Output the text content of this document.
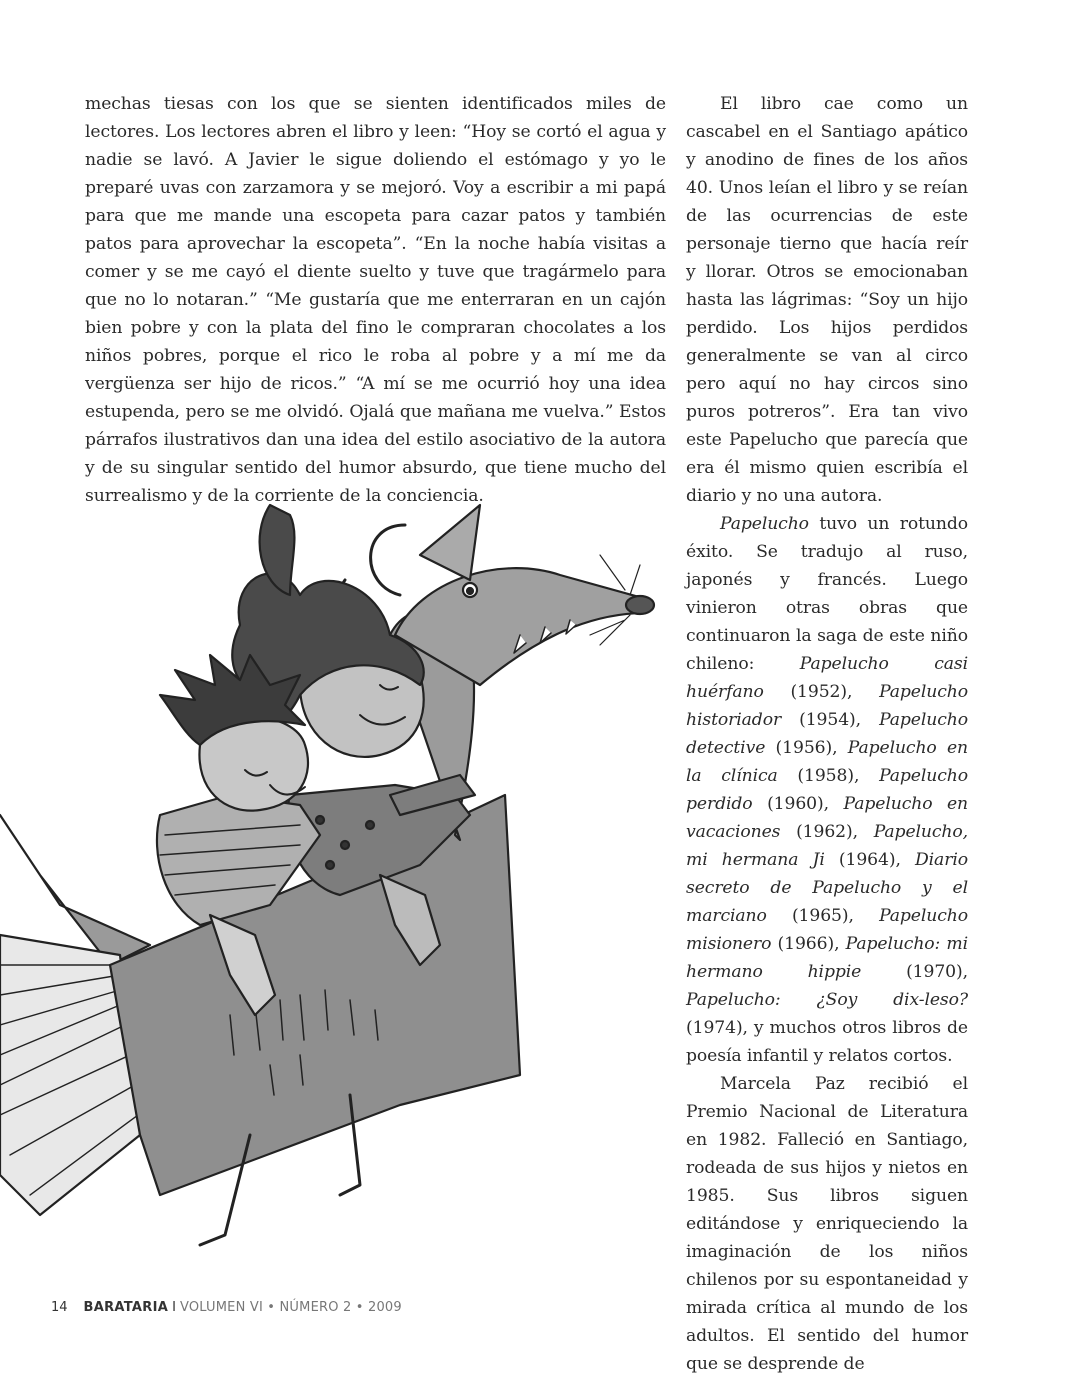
mechas tiesas con los que se sienten identificados miles de lectores. Los lectores abren el libro y leen: “Hoy se cortó el agua y nadie se lavó. A Javier le sigue doliendo el estómago y yo le preparé uvas con zarzamora y se mejoró. Voy a escribir a mi papá para que me mande una escopeta para cazar patos y también patos para aprovechar la escopeta”. “En la noche había visitas a comer y se me cayó el diente suelto y tuve que tragármelo para que no lo notaran.” “Me gustaría que me enterraran en un cajón bien pobre y con la plata del fino le compraran chocolates a los niños pobres, porque el rico le roba al pobre y a mí me da vergüenza ser hijo de ricos.” “A mí se me ocurrió hoy una idea estupenda, pero se me olvidó. Ojalá que mañana me vuelva.” Estos párrafos ilustrativos dan una idea del estilo asociativo de la autora y de su singular sentido del humor absurdo, que tiene mucho del surrealismo y de la corriente de la conciencia.

El libro cae como un cascabel en el Santiago apático y anodino de fines de los años 40. Unos leían el libro y se reían de las ocurrencias de este personaje tierno que hacía reír y llorar. Otros se emocionaban hasta las lágrimas: “Soy un hijo perdido. Los hijos perdidos generalmente se van al circo pero aquí no hay circos sino puros potreros”. Era tan vivo este Papelucho que parecía que era él mismo quien escribía el diario y no una autora.

Papelucho tuvo un rotundo éxito. Se tradujo al ruso, japonés y francés. Luego vinieron otras obras que continuaron la saga de este niño chileno: Papelucho casi huérfano (1952), Papelucho historiador (1954), Papelucho detective (1956), Papelucho en la clínica (1958), Papelucho perdido (1960), Papelucho en vacaciones (1962), Papelucho, mi hermana Ji (1964), Diario secreto de Papelucho y el marciano (1965), Papelucho misionero (1966), Papelucho: mi hermano hippie (1970), Papelucho: ¿Soy dix-leso? (1974), y muchos otros libros de poesía infantil y relatos cortos.

Marcela Paz recibió el Premio Nacional de Literatura en 1982. Falleció en Santiago, rodeada de sus hijos y nietos en 1985. Sus libros siguen editándose y enriqueciendo la imaginación de los niños chilenos por su espontaneidad y mirada crítica al mundo de los adultos. El sentido del humor que se desprende de

14 BARATARIA I VOLUMEN VI • NÚMERO 2 • 2009
